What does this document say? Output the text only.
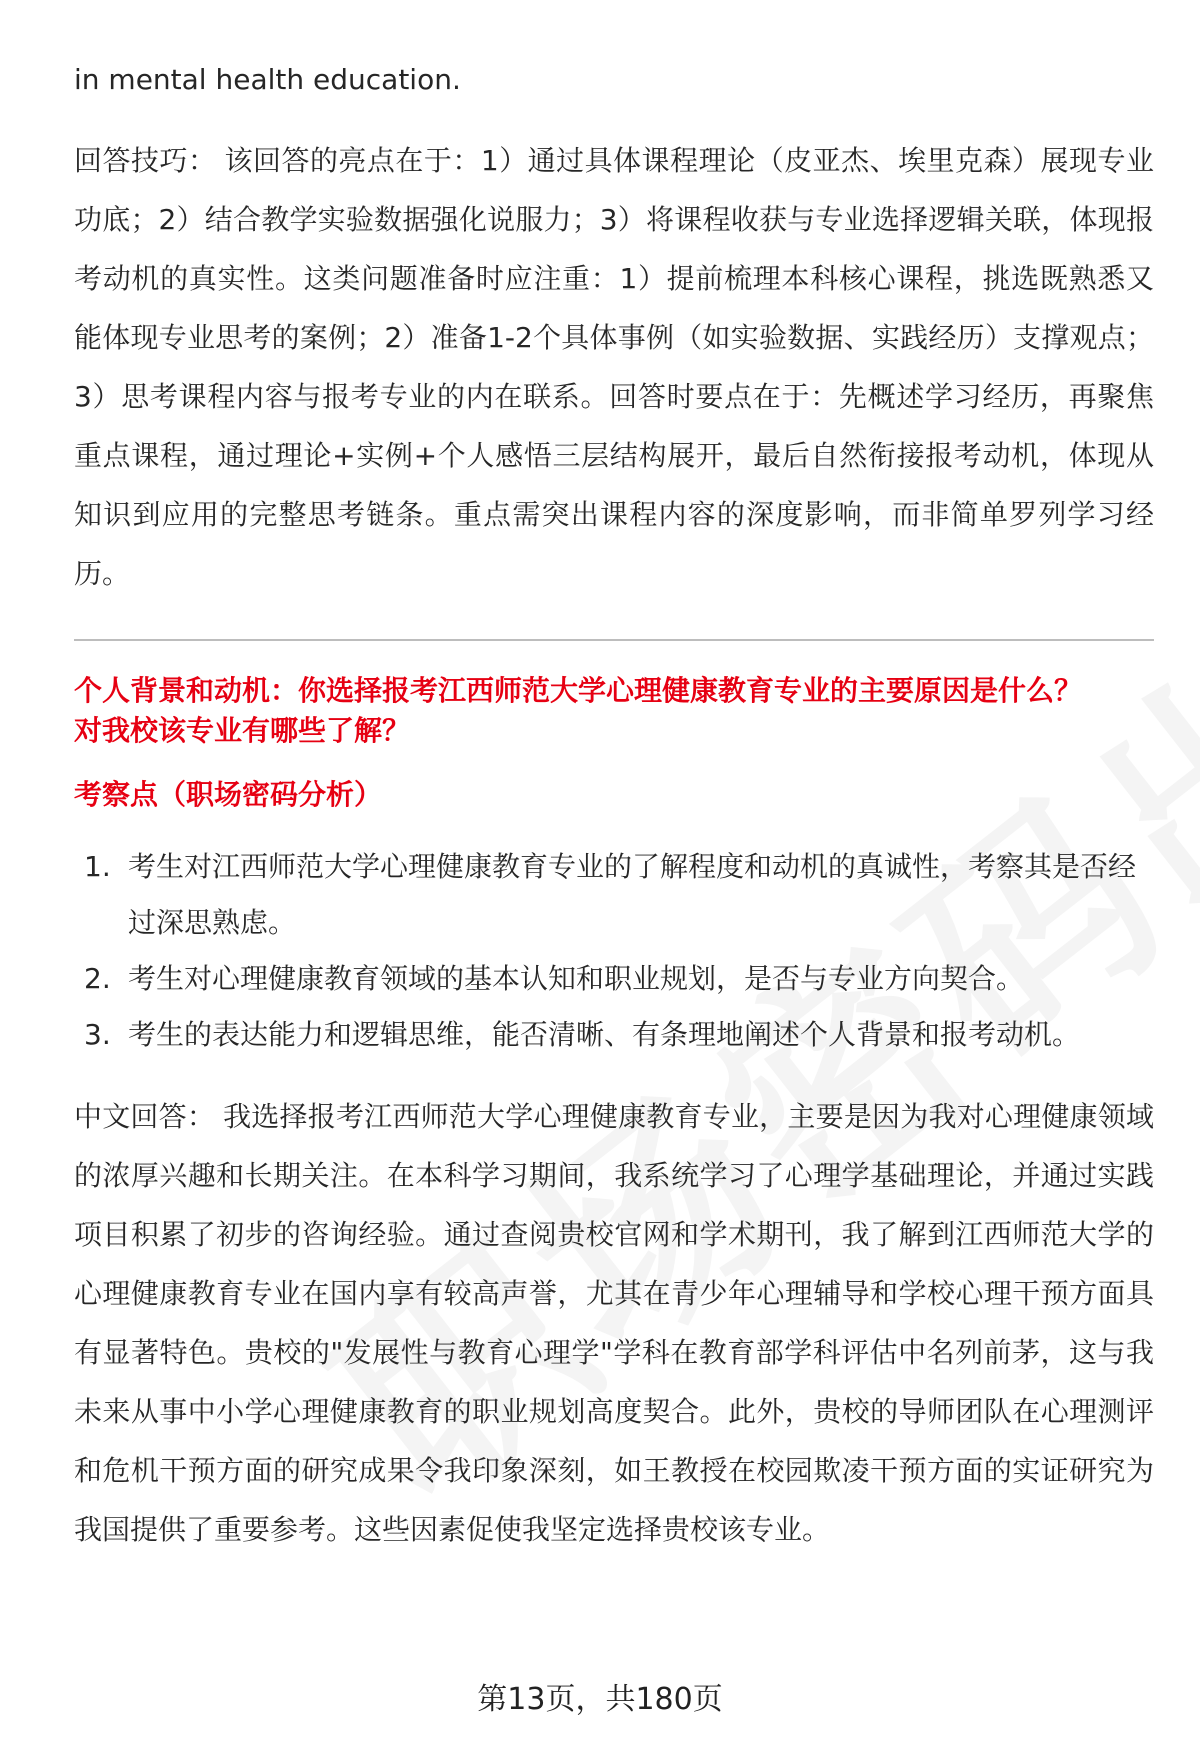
in mental health education.

回答技巧： 该回答的亮点在于：1）通过具体课程理论（皮亚杰、埃里克森）展现专业功底；2）结合教学实验数据强化说服力；3）将课程收获与专业选择逻辑关联，体现报考动机的真实性。这类问题准备时应注重：1）提前梳理本科核心课程，挑选既熟悉又能体现专业思考的案例；2）准备1-2个具体事例（如实验数据、实践经历）支撑观点；3）思考课程内容与报考专业的内在联系。回答时要点在于：先概述学习经历，再聚焦重点课程，通过理论+实例+个人感悟三层结构展开，最后自然衔接报考动机，体现从知识到应用的完整思考链条。重点需突出课程内容的深度影响，而非简单罗列学习经历。

个人背景和动机：你选择报考江西师范大学心理健康教育专业的主要原因是什么？
对我校该专业有哪些了解？
考察点（职场密码分析）
1. 考生对江西师范大学心理健康教育专业的了解程度和动机的真诚性，考察其是否经过深思熟虑。
2. 考生对心理健康教育领域的基本认知和职业规划，是否与专业方向契合。
3. 考生的表达能力和逻辑思维，能否清晰、有条理地阐述个人背景和报考动机。

中文回答： 我选择报考江西师范大学心理健康教育专业，主要是因为我对心理健康领域的浓厚兴趣和长期关注。在本科学习期间，我系统学习了心理学基础理论，并通过实践项目积累了初步的咨询经验。通过查阅贵校官网和学术期刊，我了解到江西师范大学的心理健康教育专业在国内享有较高声誉，尤其在青少年心理辅导和学校心理干预方面具有显著特色。贵校的"发展性与教育心理学"学科在教育部学科评估中名列前茅，这与我未来从事中小学心理健康教育的职业规划高度契合。此外，贵校的导师团队在心理测评和危机干预方面的研究成果令我印象深刻，如王教授在校园欺凌干预方面的实证研究为我国提供了重要参考。这些因素促使我坚定选择贵校该专业。

第13页，共180页
